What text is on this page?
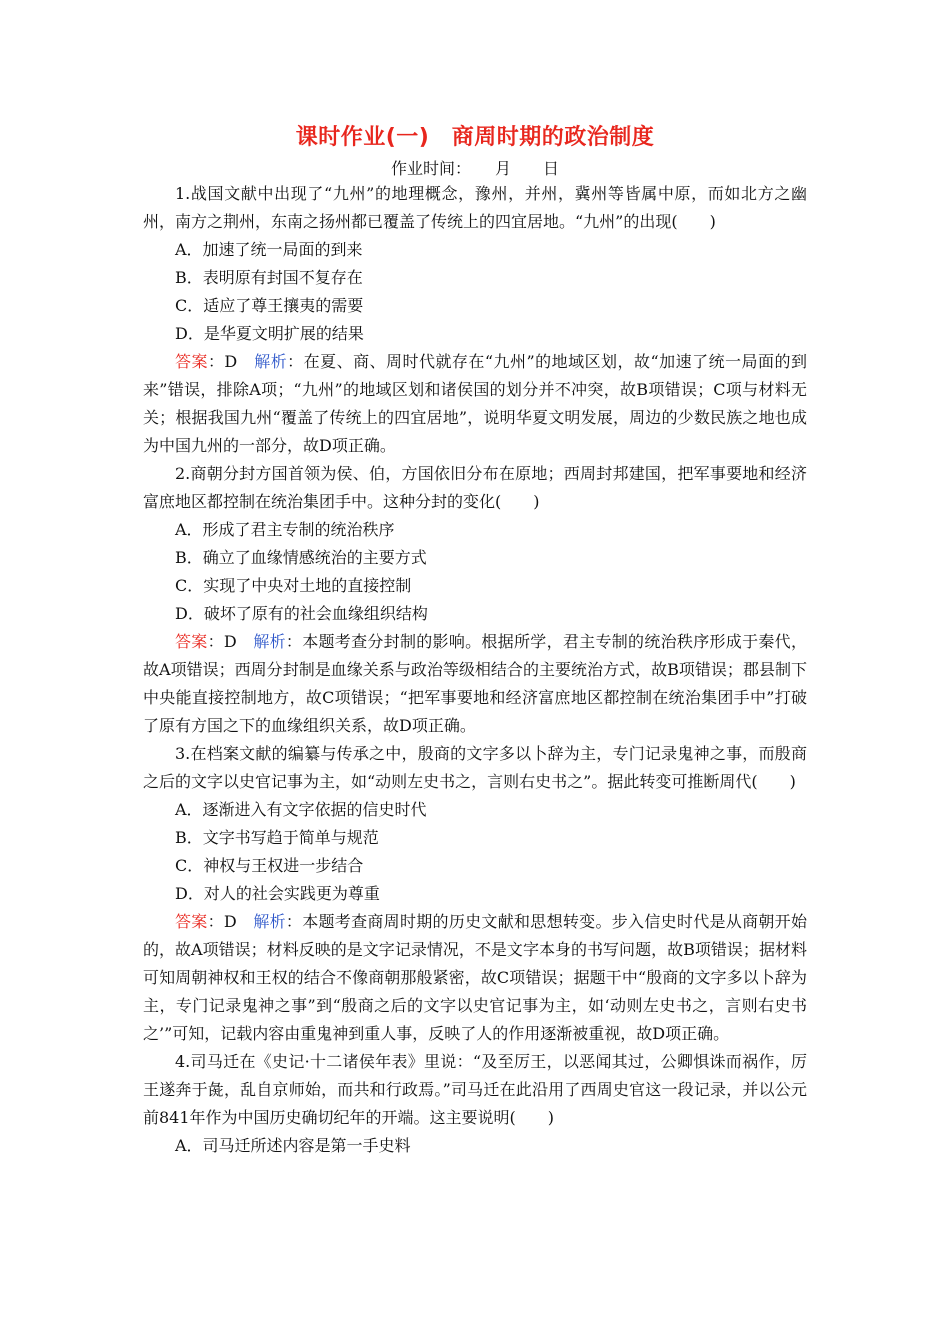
课时作业(一)　商周时期的政治制度
作业时间：　　月　　日

1.战国文献中出现了“九州”的地理概念，豫州，并州，冀州等皆属中原，而如北方之幽州，南方之荆州，东南之扬州都已覆盖了传统上的四宜居地。“九州”的出现(　　)

A．加速了统一局面的到来

B．表明原有封国不复存在

C．适应了尊王攘夷的需要

D．是华夏文明扩展的结果

答案：D　解析：在夏、商、周时代就存在“九州”的地域区划，故“加速了统一局面的到来”错误，排除A项；“九州”的地域区划和诸侯国的划分并不冲突，故B项错误；C项与材料无关；根据我国九州“覆盖了传统上的四宜居地”，说明华夏文明发展，周边的少数民族之地也成为中国九州的一部分，故D项正确。

2.商朝分封方国首领为侯、伯，方国依旧分布在原地；西周封邦建国，把军事要地和经济富庶地区都控制在统治集团手中。这种分封的变化(　　)

A．形成了君主专制的统治秩序

B．确立了血缘情感统治的主要方式

C．实现了中央对土地的直接控制

D．破坏了原有的社会血缘组织结构

答案：D　解析：本题考查分封制的影响。根据所学，君主专制的统治秩序形成于秦代，故A项错误；西周分封制是血缘关系与政治等级相结合的主要统治方式，故B项错误；郡县制下中央能直接控制地方，故C项错误；“把军事要地和经济富庶地区都控制在统治集团手中”打破了原有方国之下的血缘组织关系，故D项正确。

3.在档案文献的编纂与传承之中，殷商的文字多以卜辞为主，专门记录鬼神之事，而殷商之后的文字以史官记事为主，如“动则左史书之，言则右史书之”。据此转变可推断周代(　　)

A．逐渐进入有文字依据的信史时代

B．文字书写趋于简单与规范

C．神权与王权进一步结合

D．对人的社会实践更为尊重

答案：D　解析：本题考查商周时期的历史文献和思想转变。步入信史时代是从商朝开始的，故A项错误；材料反映的是文字记录情况，不是文字本身的书写问题，故B项错误；据材料可知周朝神权和王权的结合不像商朝那般紧密，故C项错误；据题干中“殷商的文字多以卜辞为主，专门记录鬼神之事”到“殷商之后的文字以史官记事为主，如‘动则左史书之，言则右史书之’”可知，记载内容由重鬼神到重人事，反映了人的作用逐渐被重视，故D项正确。

4.司马迁在《史记·十二诸侯年表》里说：“及至厉王，以恶闻其过，公卿惧诛而祸作，厉王遂奔于彘，乱自京师始，而共和行政焉。”司马迁在此沿用了西周史官这一段记录，并以公元前841年作为中国历史确切纪年的开端。这主要说明(　　)

A．司马迁所述内容是第一手史料
